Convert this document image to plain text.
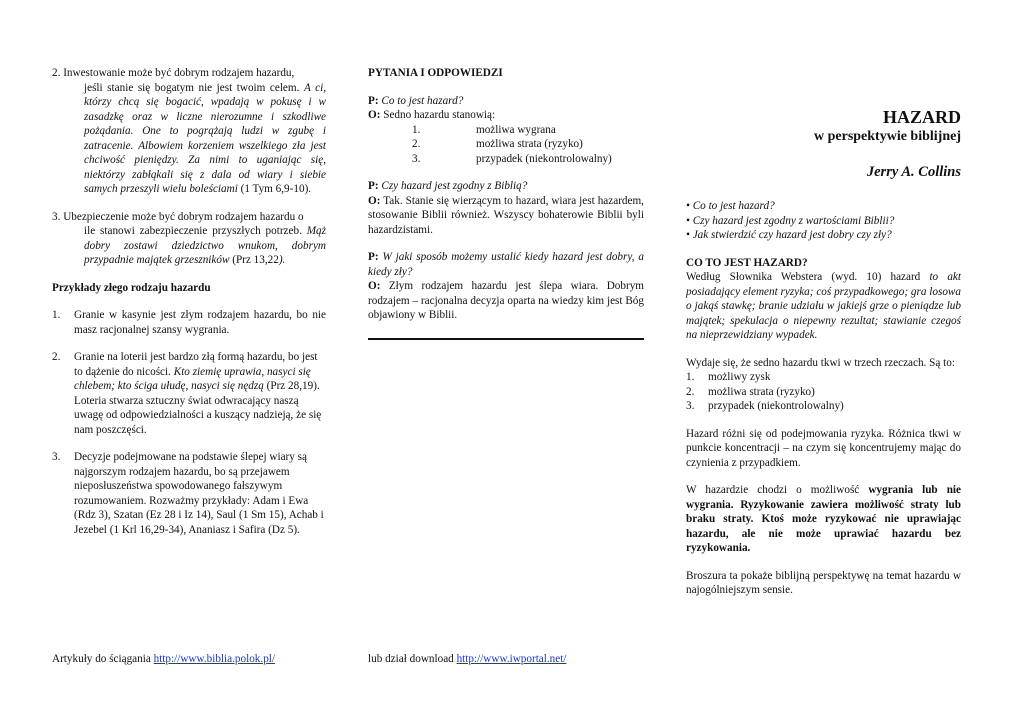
2. Inwestowanie może być dobrym rodzajem hazardu,
jeśli stanie się bogatym nie jest twoim celem. A ci, którzy chcą się bogacić, wpadają w pokusę i w zasadzkę oraz w liczne nierozumne i szkodliwe pożądania. One to pogrążają ludzi w zgubę i zatracenie. Albowiem korzeniem wszelkiego zła jest chciwość pieniędzy. Za nimi to uganiając się, niektórzy zabłąkali się z dala od wiary i siebie samych przeszyli wielu boleściami (1 Tym 6,9-10).
3. Ubezpieczenie może być dobrym rodzajem hazardu o
ile stanowi zabezpieczenie przyszłych potrzeb. Mąż dobry zostawi dziedzictwo wnukom, dobrym przypadnie majątek grzeszników (Prz 13,22).
Przykłady złego rodzaju hazardu
1.	Granie w kasynie jest złym rodzajem hazardu, bo nie masz racjonalnej szansy wygrania.
2.	Granie na loterii jest bardzo złą formą hazardu, bo jest to dążenie do nicości. Kto ziemię uprawia, nasyci się chlebem; kto ściga ułudę, nasyci się nędzą (Prz 28,19). Loteria stwarza sztuczny świat odwracający naszą uwagę od odpowiedzialności a kuszący nadzieją, że się nam poszczęści.
3.	Decyzje podejmowane na podstawie ślepej wiary są najgorszym rodzajem hazardu, bo są przejawem nieposłuszeństwa spowodowanego fałszywym rozumowaniem. Rozważmy przykłady: Adam i Ewa (Rdz 3), Szatan (Ez 28 i Iz 14), Saul (1 Sm 15), Achab i Jezebel (1 Krl 16,29-34), Ananiasz i Safira (Dz 5).
PYTANIA I ODPOWIEDZI
P: Co to jest hazard?
O: Sedno hazardu stanowią:
1.	możliwa wygrana
2.	możliwa strata (ryzyko)
3.	przypadek (niekontrolowalny)
P: Czy hazard jest zgodny z Biblią?
O: Tak. Stanie się wierzącym to hazard, wiara jest hazardem, stosowanie Biblii również. Wszyscy bohaterowie Biblii byli hazardzistami.
P: W jaki sposób możemy ustalić kiedy hazard jest dobry, a kiedy zły?
O: Złym rodzajem hazardu jest ślepa wiara. Dobrym rodzajem – racjonalna decyzja oparta na wiedzy kim jest Bóg objawiony w Biblii.
HAZARD
w perspektywie biblijnej
Jerry A. Collins
• Co to jest hazard?
• Czy hazard jest zgodny z wartościami Biblii?
• Jak stwierdzić czy hazard jest dobry czy zły?
CO TO JEST HAZARD?
Według Słownika Webstera (wyd. 10) hazard to akt posiadający element ryzyka; coś przypadkowego; gra losowa o jakąś stawkę; branie udziału w jakiejś grze o pieniądze lub majątek; spekulacja o niepewny rezultat; stawianie czegoś na nieprzewidziany wypadek.
Wydaje się, że sedno hazardu tkwi w trzech rzeczach. Są to:
1.	możliwy zysk
2.	możliwa strata (ryzyko)
3.	przypadek (niekontrolowalny)
Hazard różni się od podejmowania ryzyka. Różnica tkwi w punkcie koncentracji – na czym się koncentrujemy mając do czynienia z przypadkiem.
W hazardzie chodzi o możliwość wygrania lub nie wygrania. Ryzykowanie zawiera możliwość straty lub braku straty. Ktoś może ryzykować nie uprawiając hazardu, ale nie może uprawiać hazardu bez ryzykowania.
Broszura ta pokaże biblijną perspektywę na temat hazardu w najogólniejszym sensie.
Artykuły do ściągania http://www.biblia.polok.pl/	lub dział download http://www.iwportal.net/
